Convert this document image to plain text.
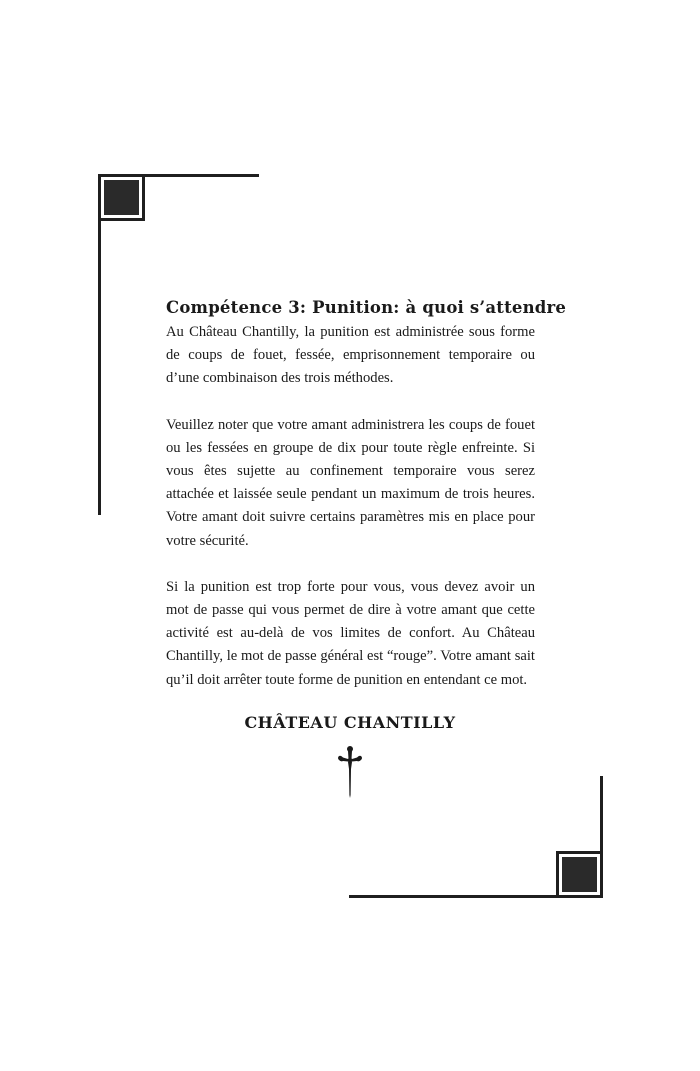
Compétence 3: Punition: à quoi s’attendre

Au Château Chantilly, la punition est administrée sous forme de coups de fouet, fessée, emprisonnement temporaire ou d’une combinaison des trois méthodes.

Veuillez noter que votre amant administrera les coups de fouet ou les fessées en groupe de dix pour toute règle enfreinte. Si vous êtes sujette au confinement temporaire vous serez attachée et laissée seule pendant un maximum de trois heures. Votre amant doit suivre certains paramètres mis en place pour votre sécurité.

Si la punition est trop forte pour vous, vous devez avoir un mot de passe qui vous permet de dire à votre amant que cette activité est au-delà de vos limites de confort. Au Château Chantilly, le mot de passe général est “rouge”. Votre amant sait qu’il doit arrêter toute forme de punition en entendant ce mot.

CHÂTEAU CHANTILLY
